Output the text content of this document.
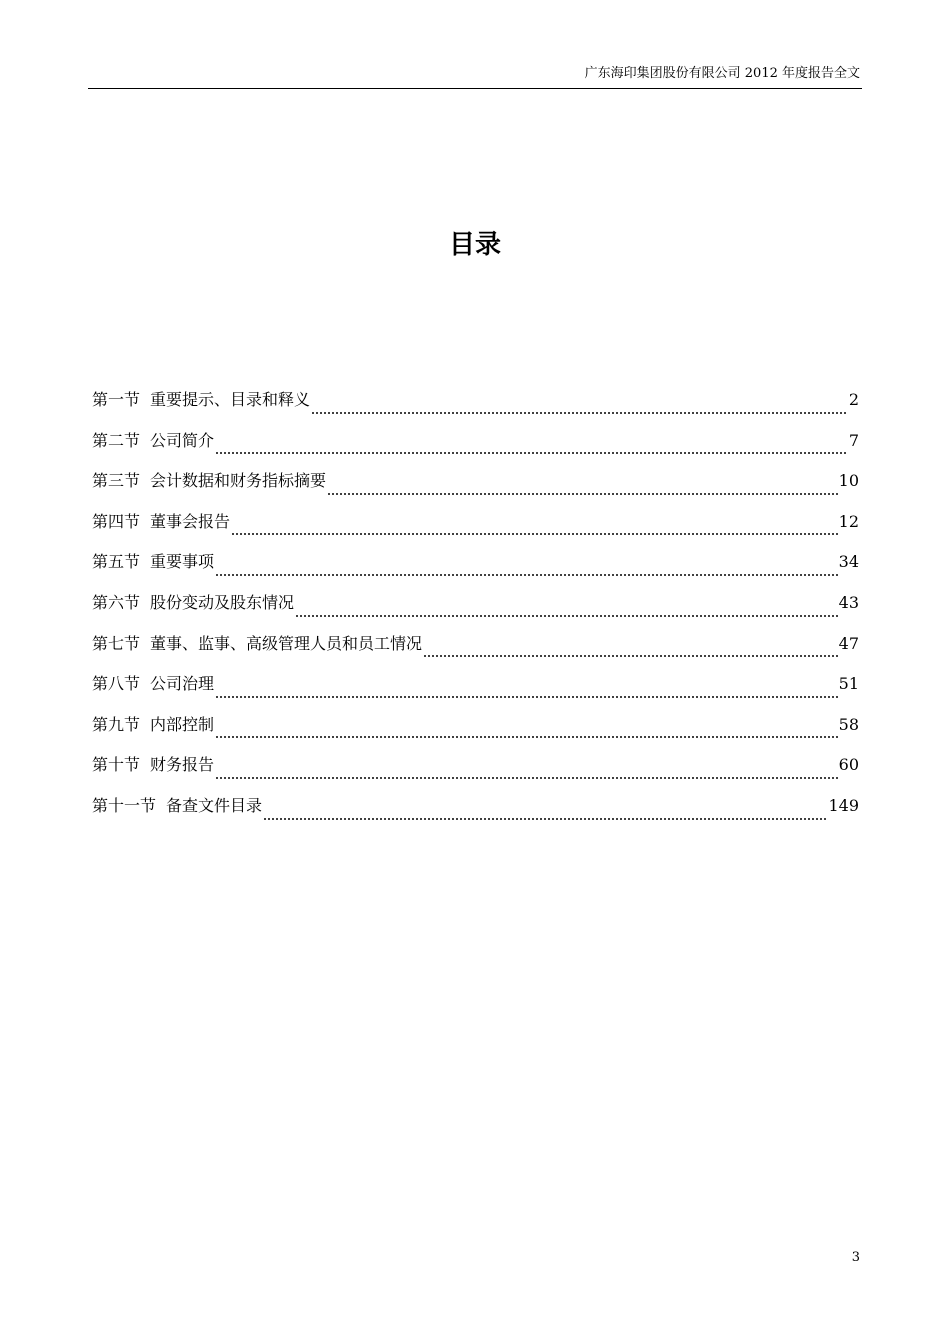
广东海印集团股份有限公司 2012 年度报告全文
目录
第一节 重要提示、目录和释义	2
第二节 公司简介	7
第三节 会计数据和财务指标摘要	10
第四节 董事会报告	12
第五节 重要事项	34
第六节 股份变动及股东情况	43
第七节 董事、监事、高级管理人员和员工情况	47
第八节 公司治理	51
第九节 内部控制	58
第十节 财务报告	60
第十一节 备查文件目录	149
3
